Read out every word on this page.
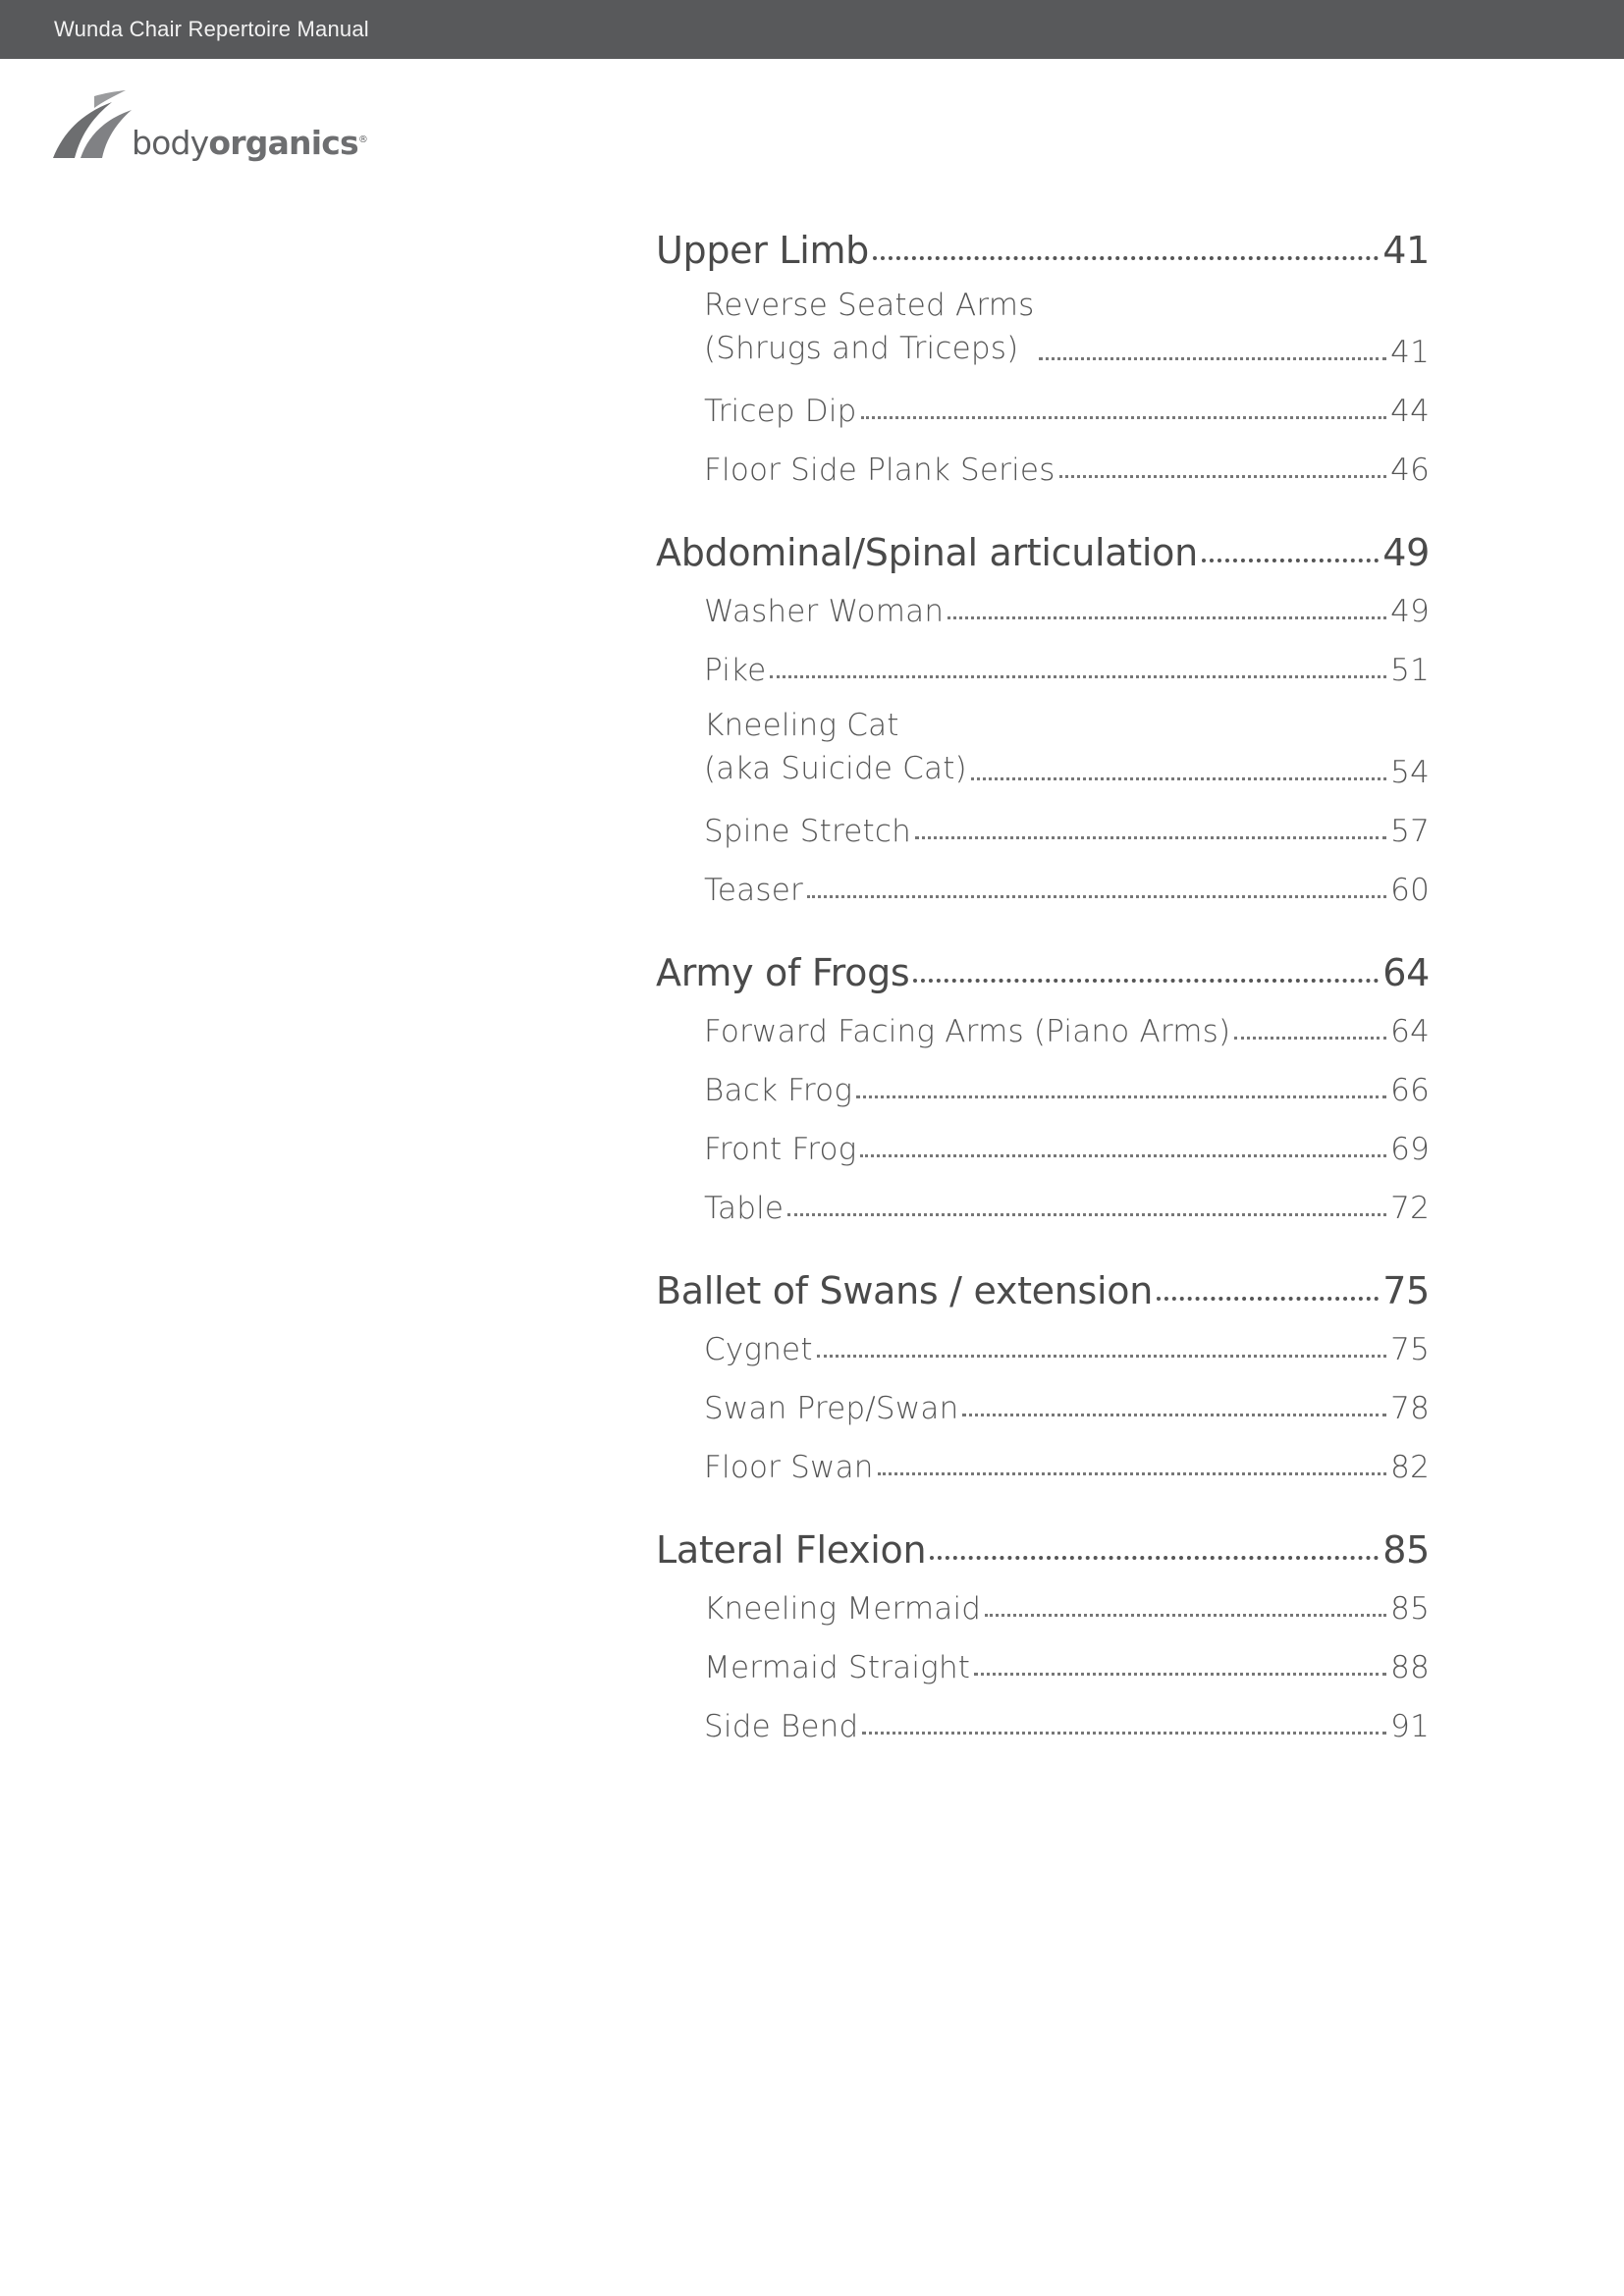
Wunda Chair Repertoire Manual
bodyorganics®
Upper Limb	41
Reverse Seated Arms
(Shrugs and Triceps)	41
Tricep Dip	44
Floor Side Plank Series	46
Abdominal/Spinal articulation	49
Washer Woman	49
Pike	51
Kneeling Cat
(aka Suicide Cat)	54
Spine Stretch	57
Teaser	60
Army of Frogs	64
Forward Facing Arms (Piano Arms)	64
Back Frog	66
Front Frog	69
Table	72
Ballet of Swans / extension	75
Cygnet	75
Swan Prep/Swan	78
Floor Swan	82
Lateral Flexion	85
Kneeling Mermaid	85
Mermaid Straight	88
Side Bend	91
